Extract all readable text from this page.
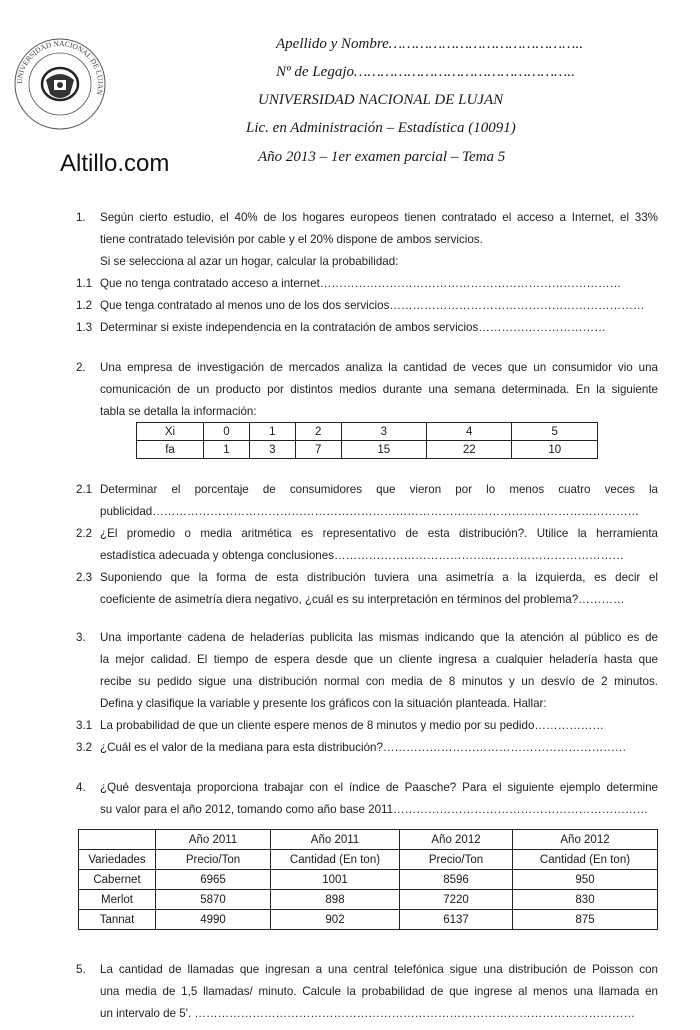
UNIVERSIDAD NACIONAL DE LUJAN
Altillo.com
Apellido y Nombre……………………………………..
Nº de Legajo…………………………………………..
UNIVERSIDAD NACIONAL DE LUJAN
Lic. en Administración – Estadística (10091)
Año 2013 – 1er examen parcial – Tema 5
1. Según cierto estudio, el 40% de los hogares europeos tienen contratado el acceso a Internet, el 33%
tiene contratado televisión por cable y el 20% dispone de ambos servicios.
Si se selecciona al azar un hogar, calcular la probabilidad:
1.1 Que no tenga contratado acceso a internet……………………………………………………………………
1.2 Que tenga contratado al menos uno de los dos servicios…………………………………………………………
1.3 Determinar si existe independencia en la contratación de ambos servicios……………………………
2. Una empresa de investigación de mercados analiza la cantidad de veces que un consumidor vio una
comunicación de un producto por distintos medios durante una semana determinada. En la siguiente
tabla se detalla la información:
Xi	0	1	2	3	4	5
fa	1	3	7	15	22	10
2.1 Determinar el porcentaje de consumidores que vieron por lo menos cuatro veces la
publicidad………………………………………………………………………………………………………………
2.2 ¿El promedio o media aritmética es representativo de esta distribución?. Utilice la herramienta
estadística adecuada y obtenga conclusiones…………………………………………………………………
2.3 Suponiendo que la forma de esta distribución tuviera una asimetría a la izquierda, es decir el
coeficiente de asimetría diera negativo, ¿cuál es su interpretación en términos del problema?…………
3. Una importante cadena de heladerías publicita las mismas indicando que la atención al público es de
la mejor calidad. El tiempo de espera desde que un cliente ingresa a cualquier heladería hasta que
recibe su pedido sigue una distribución normal con media de 8 minutos y un desvío de 2 minutos.
Defina y clasifique la variable y presente los gráficos con la situación planteada. Hallar:
3.1 La probabilidad de que un cliente espere menos de 8 minutos y medio por su pedido………………
3.2 ¿Cuál es el valor de la mediana para esta distribución?………………………………………………………
4. ¿Qué desventaja proporciona trabajar con el índice de Paasche? Para el siguiente ejemplo determine
su valor para el año 2012, tomando como año base 2011…………………………………………………………
	Año 2011	Año 2011	Año 2012	Año 2012
Variedades	Precio/Ton	Cantidad (En ton)	Precio/Ton	Cantidad (En ton)
Cabernet	6965	1001	8596	950
Merlot	5870	898	7220	830
Tannat	4990	902	6137	875
5. La cantidad de llamadas que ingresan a una central telefónica sigue una distribución de Poisson con
una media de 1,5 llamadas/ minuto. Calcule la probabilidad de que ingrese al menos una llamada en
un intervalo de 5'. ……………………………………………………………………………………………………
